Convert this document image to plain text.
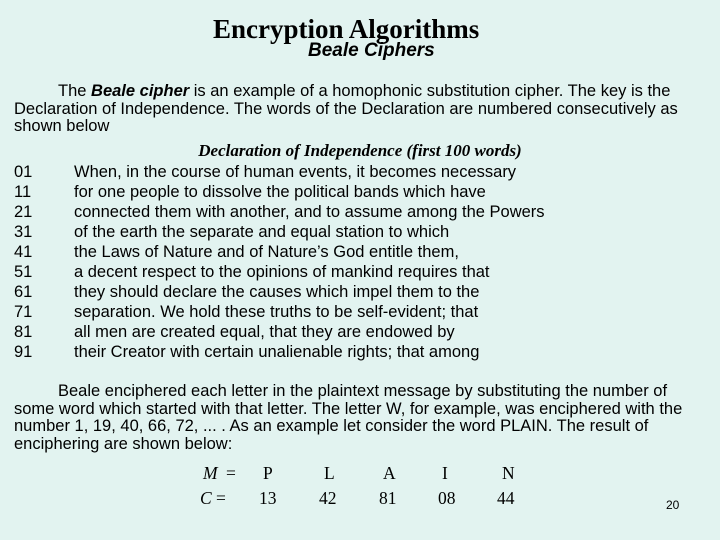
Encryption Algorithms
Beale Ciphers

The Beale cipher is an example of a homophonic substitution cipher. The key is the Declaration of Independence. The words of the Declaration are numbered consecutively as shown below

Declaration of Independence (first 100 words)
01	When, in the course of human events, it becomes necessary
11	for one people to dissolve the political bands which have
21	connected them with another, and to assume among the Powers
31	of the earth the separate and equal station to which
41	the Laws of Nature and of Nature’s God entitle them,
51	a decent respect to the opinions of mankind requires that
61	they should declare the causes which impel them to the
71	separation. We hold these truths to be self-evident; that
81	all men are created equal, that they are endowed by
91	their Creator with certain unalienable rights; that among

Beale enciphered each letter in the plaintext message by substituting the number of some word which started with that letter. The letter W, for example, was enciphered with the number 1, 19, 40, 66, 72, ... . As an example let consider the word PLAIN. The result of enciphering are shown below:

M = P	L	A	I	N
C = 13 42 81 08 44	20
